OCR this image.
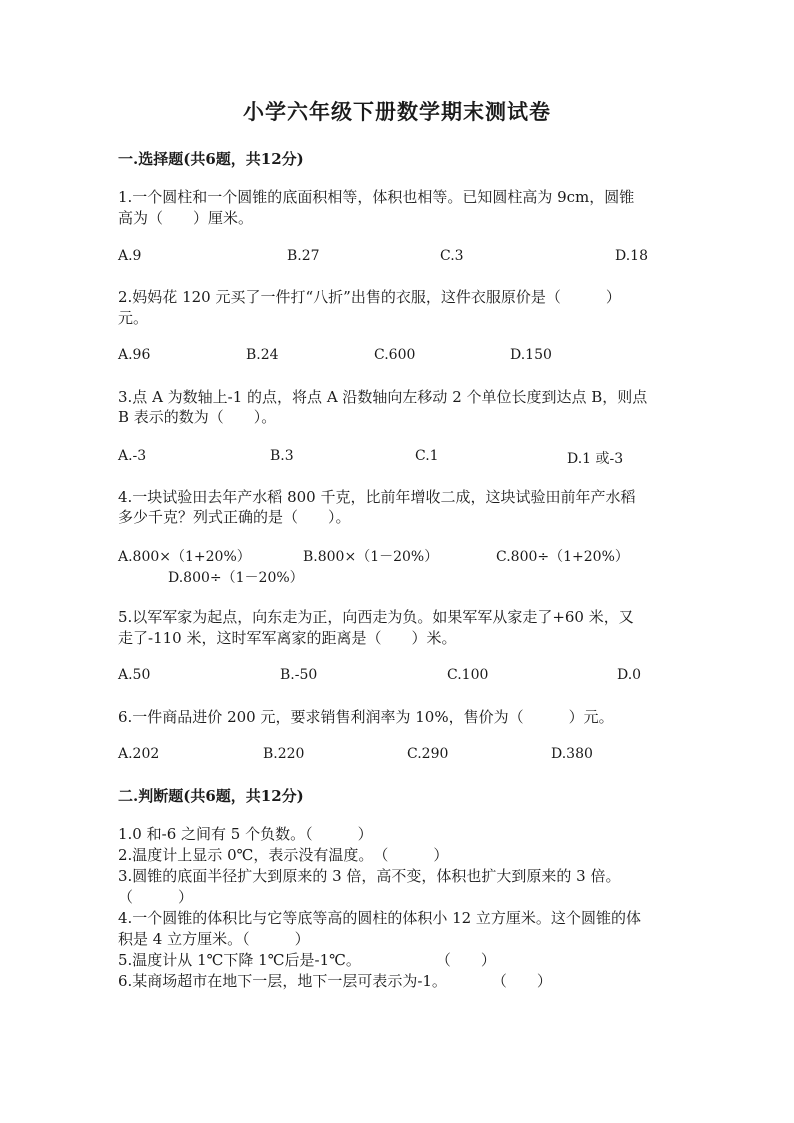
小学六年级下册数学期末测试卷
一.选择题(共6题，共12分)
1.一个圆柱和一个圆锥的底面积相等，体积也相等。已知圆柱高为 9cm，圆锥
高为（　　）厘米。
A.9	B.27	C.3	D.18
2.妈妈花 120 元买了一件打“八折”出售的衣服，这件衣服原价是（　　　）
元。
A.96	B.24	C.600	D.150
3.点 A 为数轴上-1 的点，将点 A 沿数轴向左移动 2 个单位长度到达点 B，则点
B 表示的数为（　　）。
A.-3	B.3	C.1	D.1 或-3
4.一块试验田去年产水稻 800 千克，比前年增收二成，这块试验田前年产水稻
多少千克？列式正确的是（　　）。
A.800×（1+20%）	B.800×（1－20%）	C.800÷（1+20%）
D.800÷（1－20%）
5.以军军家为起点，向东走为正，向西走为负。如果军军从家走了+60 米，又
走了-110 米，这时军军离家的距离是（　　）米。
A.50	B.-50	C.100	D.0
6.一件商品进价 200 元，要求销售利润率为 10%，售价为（　　　）元。
A.202	B.220	C.290	D.380
二.判断题(共6题，共12分)
1.0 和-6 之间有 5 个负数。（　　　）
2.温度计上显示 0℃，表示没有温度。　（　　　）
3.圆锥的底面半径扩大到原来的 3 倍，高不变，体积也扩大到原来的 3 倍。
（　　　）
4.一个圆锥的体积比与它等底等高的圆柱的体积小 12 立方厘米。这个圆锥的体
积是 4 立方厘米。（　　　）
5.温度计从 1℃下降 1℃后是-1℃。　　　　　　（　　）
6.某商场超市在地下一层，地下一层可表示为-1。　　　　（　　）
